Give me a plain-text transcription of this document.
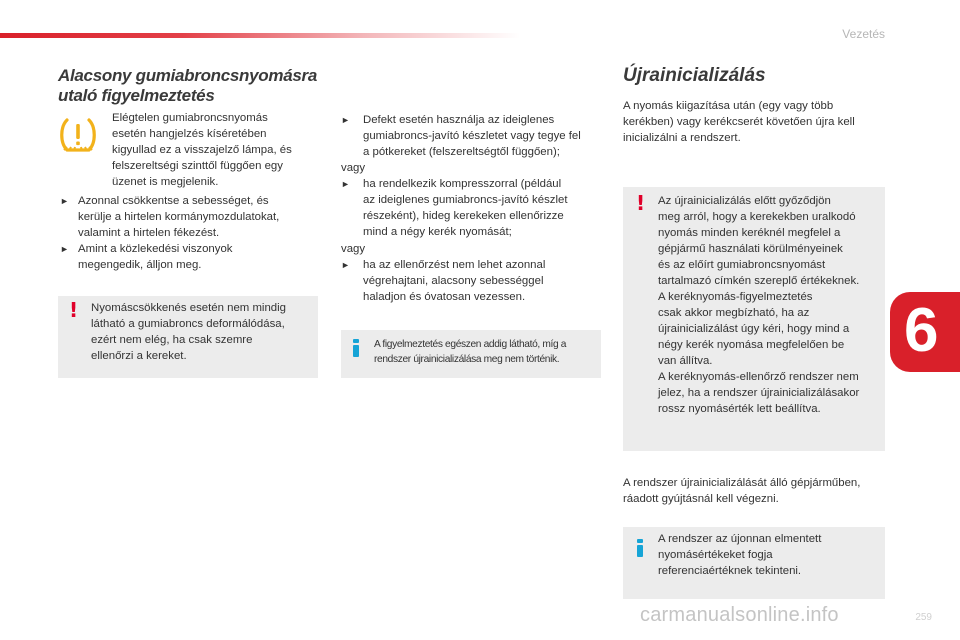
Vezetés
Alacsony gumiabroncsnyomásra utaló figyelmeztetés
Elégtelen gumiabroncsnyomás
esetén hangjelzés kíséretében
kigyullad ez a visszajelző lámpa, és
felszereltségi szinttől függően egy
üzenet is megjelenik.
► Azonnal csökkentse a sebességet, és
kerülje a hirtelen kormánymozdulatokat,
valamint a hirtelen fékezést.
► Amint a közlekedési viszonyok
megengedik, álljon meg.
! Nyomáscsökkenés esetén nem mindig
látható a gumiabroncs deformálódása,
ezért nem elég, ha csak szemre
ellenőrzi a kereket.
► Defekt esetén használja az ideiglenes
gumiabroncs-javító készletet vagy tegye fel
a pótkereket (felszereltségtől függően);
vagy
► ha rendelkezik kompresszorral (például
az ideiglenes gumiabroncs-javító készlet
részeként), hideg kerekeken ellenőrizze
mind a négy kerék nyomását;
vagy
► ha az ellenőrzést nem lehet azonnal
végrehajtani, alacsony sebességgel
haladjon és óvatosan vezessen.
A figyelmeztetés egészen addig látható, míg a
rendszer újrainicializálása meg nem történik.
Újrainicializálás
A nyomás kiigazítása után (egy vagy több
kerékben) vagy kerékcserét követően újra kell
inicializálni a rendszert.
! Az újrainicializálás előtt győződjön
meg arról, hogy a kerekekben uralkodó
nyomás minden keréknél megfelel a
gépjármű használati körülményeinek
és az előírt gumiabroncsnyomást
tartalmazó címkén szereplő értékeknek.
A keréknyomás-figyelmeztetés
csak akkor megbízható, ha az
újrainicializálást úgy kéri, hogy mind a
négy kerék nyomása megfelelően be
van állítva.
A keréknyomás-ellenőrző rendszer nem
jelez, ha a rendszer újrainicializálásakor
rossz nyomásérték lett beállítva.
A rendszer újrainicializálását álló gépjárműben,
ráadott gyújtásnál kell végezni.
A rendszer az újonnan elmentett
nyomásértékeket fogja
referenciaértéknek tekinteni.
6
259
carmanualsonline.info
